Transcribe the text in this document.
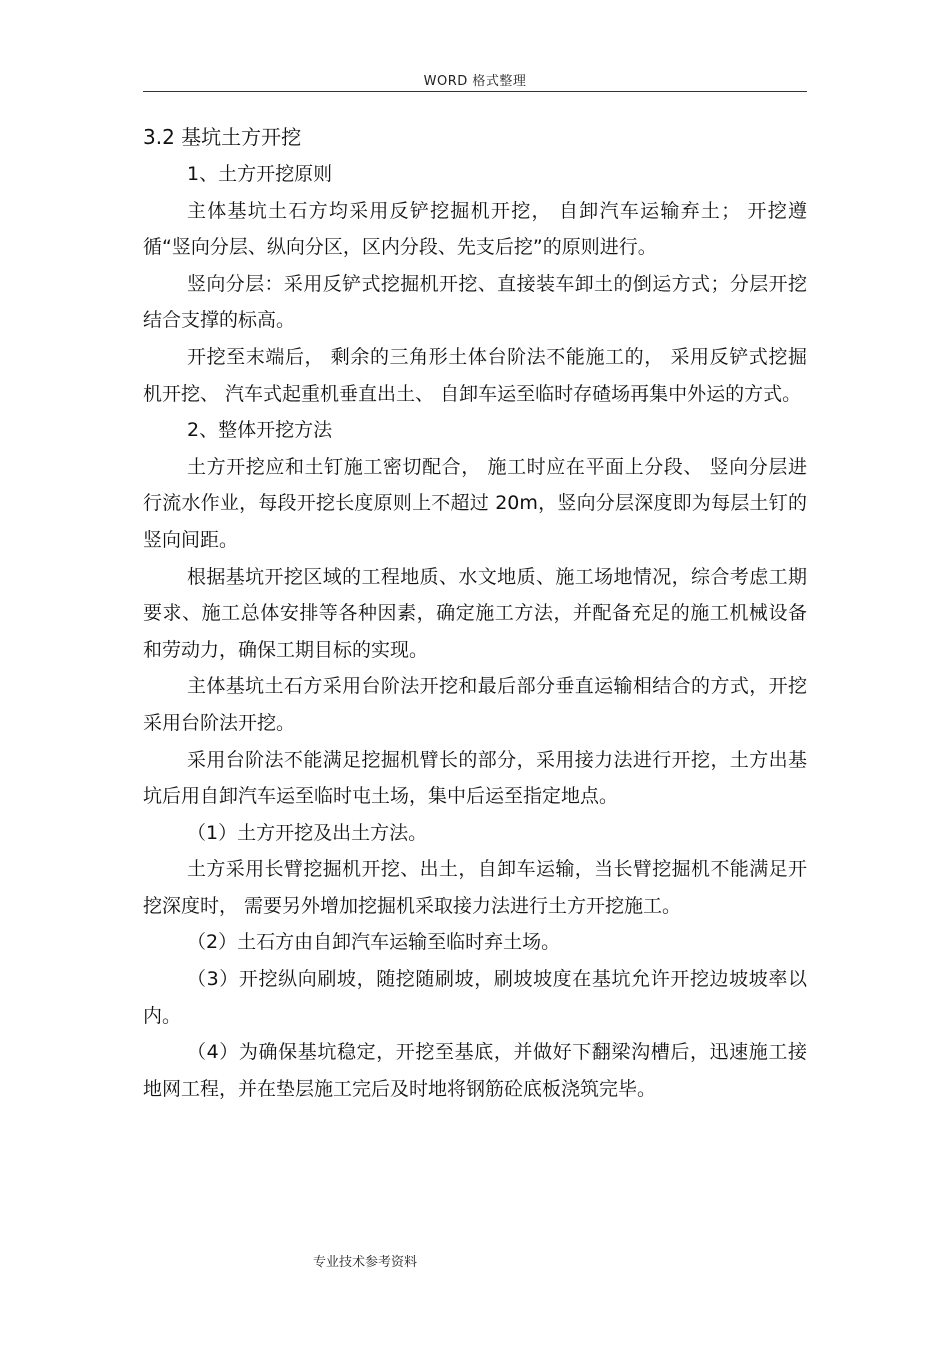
WORD 格式整理
3.2 基坑土方开挖

1、土方开挖原则

主体基坑土石方均采用反铲挖掘机开挖， 自卸汽车运输弃土； 开挖遵循“竖向分层、纵向分区，区内分段、先支后挖”的原则进行。

竖向分层：采用反铲式挖掘机开挖、直接装车卸土的倒运方式；分层开挖结合支撑的标高。

开挖至末端后， 剩余的三角形土体台阶法不能施工的， 采用反铲式挖掘机开挖、 汽车式起重机垂直出土、 自卸车运至临时存碴场再集中外运的方式。

2、整体开挖方法

土方开挖应和土钉施工密切配合， 施工时应在平面上分段、 竖向分层进行流水作业，每段开挖长度原则上不超过 20m，竖向分层深度即为每层土钉的竖向间距。

根据基坑开挖区域的工程地质、水文地质、施工场地情况，综合考虑工期要求、施工总体安排等各种因素，确定施工方法，并配备充足的施工机械设备和劳动力，确保工期目标的实现。

主体基坑土石方采用台阶法开挖和最后部分垂直运输相结合的方式，开挖采用台阶法开挖。

采用台阶法不能满足挖掘机臂长的部分，采用接力法进行开挖，土方出基坑后用自卸汽车运至临时屯土场，集中后运至指定地点。

（1）土方开挖及出土方法。

土方采用长臂挖掘机开挖、出土，自卸车运输，当长臂挖掘机不能满足开挖深度时， 需要另外增加挖掘机采取接力法进行土方开挖施工。

（2）土石方由自卸汽车运输至临时弃土场。

（3）开挖纵向刷坡，随挖随刷坡，刷坡坡度在基坑允许开挖边坡坡率以内。

（4）为确保基坑稳定，开挖至基底，并做好下翻梁沟槽后，迅速施工接地网工程，并在垫层施工完后及时地将钢筋砼底板浇筑完毕。

专业技术参考资料
